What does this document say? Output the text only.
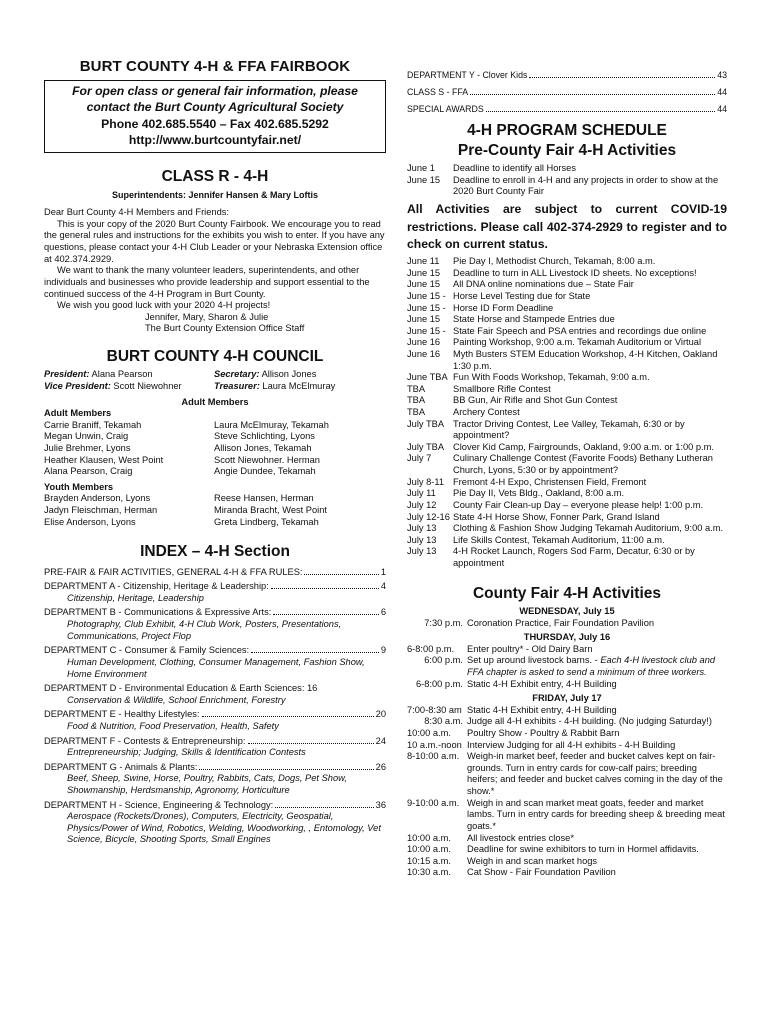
BURT COUNTY 4-H & FFA FAIRBOOK
For open class or general fair information, please
contact the Burt County Agricultural Society
Phone 402.685.5540 – Fax 402.685.5292
http://www.burtcountyfair.net/
CLASS R - 4-H
Superintendents: Jennifer Hansen & Mary Loftis

Dear Burt County 4-H Members and Friends:

This is your copy of the 2020 Burt County Fairbook. We encourage you to read the general rules and instructions for the exhibits you wish to enter. If you have any questions, please contact your 4-H Club Leader or your Nebraska Extension office at 402.374.2929.

We want to thank the many volunteer leaders, superintendents, and other individuals and businesses who provide leadership and support essential to the continued success of the 4-H Program in Burt County.

We wish you good luck with your 2020 4-H projects!

Jennifer, Mary, Sharon & Julie

The Burt County Extension Office Staff

BURT COUNTY 4-H COUNCIL
President: Alana Pearson	Secretary: Allison Jones
Vice President: Scott Niewohner	Treasurer: Laura McElmuray
Adult Members
Adult Members
Carrie Braniff, Tekamah	Laura McElmuray, Tekamah
Megan Unwin, Craig	Steve Schlichting, Lyons
Julie Brehmer, Lyons	Allison Jones, Tekamah
Heather Klausen, West Point	Scott Niewohner. Herman
Alana Pearson, Craig	Angie Dundee, Tekamah
Youth Members
Brayden Anderson, Lyons	Reese Hansen, Herman
Jadyn Fleischman, Herman	Miranda Bracht, West Point
Elise Anderson, Lyons	Greta Lindberg, Tekamah
INDEX – 4-H Section
PRE-FAIR & FAIR ACTIVITIES, GENERAL 4-H & FFA RULES:	1
DEPARTMENT A - Citizenship, Heritage & Leadership:	4
Citizenship, Heritage, Leadership
DEPARTMENT B - Communications & Expressive Arts:	6
Photography, Club Exhibit, 4-H Club Work, Posters, Presentations, Communications, Project Flop
DEPARTMENT C - Consumer & Family Sciences:	9
Human Development, Clothing, Consumer Management, Fashion Show, Home Environment
DEPARTMENT D - Environmental Education & Earth Sciences: 16
Conservation & Wildlife, School Enrichment, Forestry
DEPARTMENT E - Healthy Lifestyles:	20
Food & Nutrition, Food Preservation, Health, Safety
DEPARTMENT F - Contests & Entrepreneurship:	24
Entrepreneurship; Judging, Skills & Identification Contests
DEPARTMENT G - Animals & Plants:	26
Beef, Sheep, Swine, Horse, Poultry, Rabbits, Cats, Dogs, Pet Show, Showmanship, Herdsmanship, Agronomy, Horticulture
DEPARTMENT H - Science, Engineering & Technology:	36
Aerospace (Rockets/Drones), Computers, Electricity, Geospatial, Physics/Power of Wind, Robotics, Welding, Woodworking, , Entomology, Vet Science, Bicycle, Shooting Sports, Small Engines
DEPARTMENT Y - Clover Kids	43
CLASS S - FFA	44
SPECIAL AWARDS	44
4-H PROGRAM SCHEDULE
Pre-County Fair 4-H Activities
June 1	Deadline to identify all Horses
June 15	Deadline to enroll in 4-H and any projects in order to show at the 2020 Burt County Fair
All Activities are subject to current COVID-19 restrictions. Please call 402-374-2929 to register and to check on current status.
June 11	Pie Day I, Methodist Church, Tekamah, 8:00 a.m.
June 15	Deadline to turn in ALL Livestock ID sheets. No exceptions!
June 15	All DNA online nominations due – State Fair
June 15 - Horse Level Testing due for State
June 15 - Horse ID Form Deadline
June 15	State Horse and Stampede Entries due
June 15 - State Fair Speech and PSA entries and recordings due online
June 16	Painting Workshop, 9:00 a.m. Tekamah Auditorium or Virtual
June 16	Myth Busters STEM Education Workshop, 4-H Kitchen, Oakland 1:30 p.m.
June TBA Fun With Foods Workshop, Tekamah, 9:00 a.m.
TBA	Smallbore Rifle Contest
TBA	BB Gun, Air Rifle and Shot Gun Contest
TBA	Archery Contest
July TBA Tractor Driving Contest, Lee Valley, Tekamah, 6:30 or by appointment?
July TBA Clover Kid Camp, Fairgrounds, Oakland, 9:00 a.m. or 1:00 p.m.
July 7	Culinary Challenge Contest (Favorite Foods) Bethany Lutheran Church, Lyons, 5:30 or by appointment?
July 8-11 Fremont 4-H Expo, Christensen Field, Fremont
July 11	Pie Day II, Vets Bldg., Oakland, 8:00 a.m.
July 12	County Fair Clean-up Day – everyone please help! 1:00 p.m.
July 12-16 State 4-H Horse Show, Fonner Park, Grand Island
July 13	Clothing & Fashion Show Judging Tekamah Auditorium, 9:00 a.m.
July 13	Life Skills Contest, Tekamah Auditorium, 11:00 a.m.
July 13	4-H Rocket Launch, Rogers Sod Farm, Decatur, 6:30 or by appointment
County Fair 4-H Activities
WEDNESDAY, July 15
7:30 p.m. Coronation Practice, Fair Foundation Pavilion
THURSDAY, July 16
6-8:00 p.m.	Enter poultry* - Old Dairy Barn
6:00 p.m. Set up around livestock barns. - Each 4-H livestock club and FFA chapter is asked to send a minimum of three workers.
6-8:00 p.m. Static 4-H Exhibit entry, 4-H Building
FRIDAY, July 17
7:00-8:30 am Static 4-H Exhibit entry, 4-H Building
8:30 a.m. Judge all 4-H exhibits - 4-H building. (No judging Saturday!)
10:00 a.m.	Poultry Show - Poultry & Rabbit Barn
10 a.m.-noon Interview Judging for all 4-H exhibits - 4-H Building
8-10:00 a.m. Weigh-in market beef, feeder and bucket calves kept on fair-grounds. Turn in entry cards for cow-calf pairs; breeding heifers; and feeder and bucket calves coming in the day of the show.*
9-10:00 a.m. Weigh in and scan market meat goats, feeder and market lambs. Turn in entry cards for breeding sheep & breeding meat goats.*
10:00 a.m.	All livestock entries close*
10:00 a.m.	Deadline for swine exhibitors to turn in Hormel affidavits.
10:15 a.m.	Weigh in and scan market hogs
10:30 a.m.	Cat Show - Fair Foundation Pavilion
